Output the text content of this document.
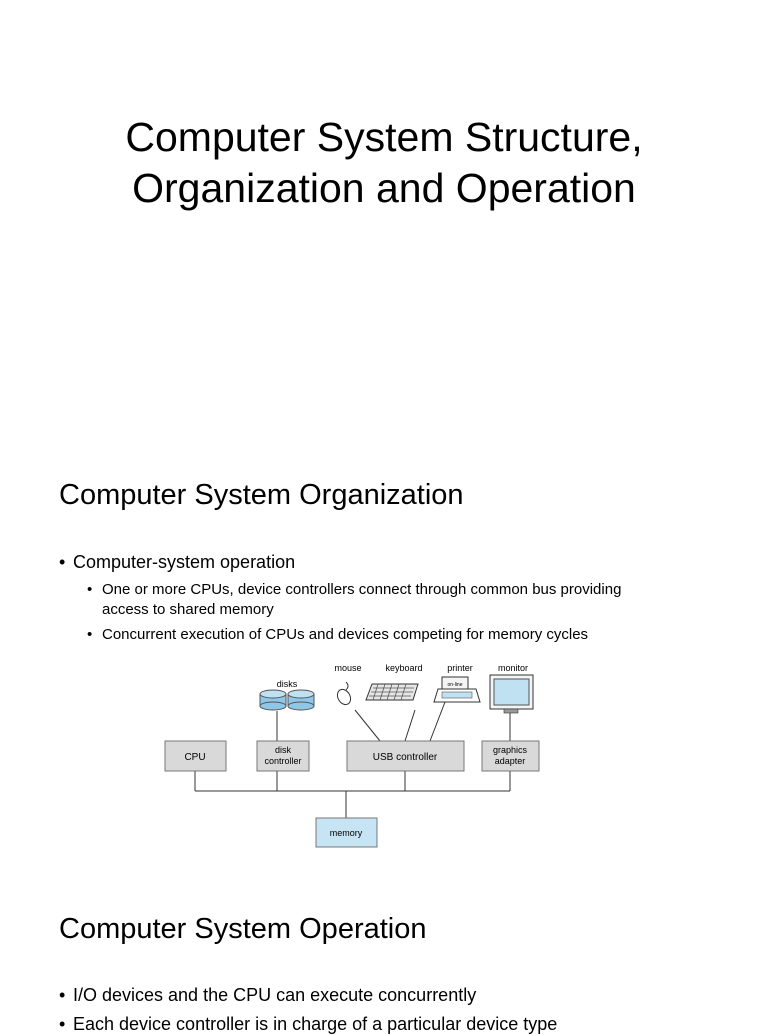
Computer System Structure,
Organization and Operation
Computer System Organization
• Computer-system operation
• One or more CPUs, device controllers connect through common bus providing
access to shared memory
• Concurrent execution of CPUs and devices competing for memory cycles
CPU
disk
controller	USB controller
graphics
adapter
memory
disks
mouse	keyboard	printer
on-line
monitor
Computer System Operation
• I/O devices and the CPU can execute concurrently
• Each device controller is in charge of a particular device type
